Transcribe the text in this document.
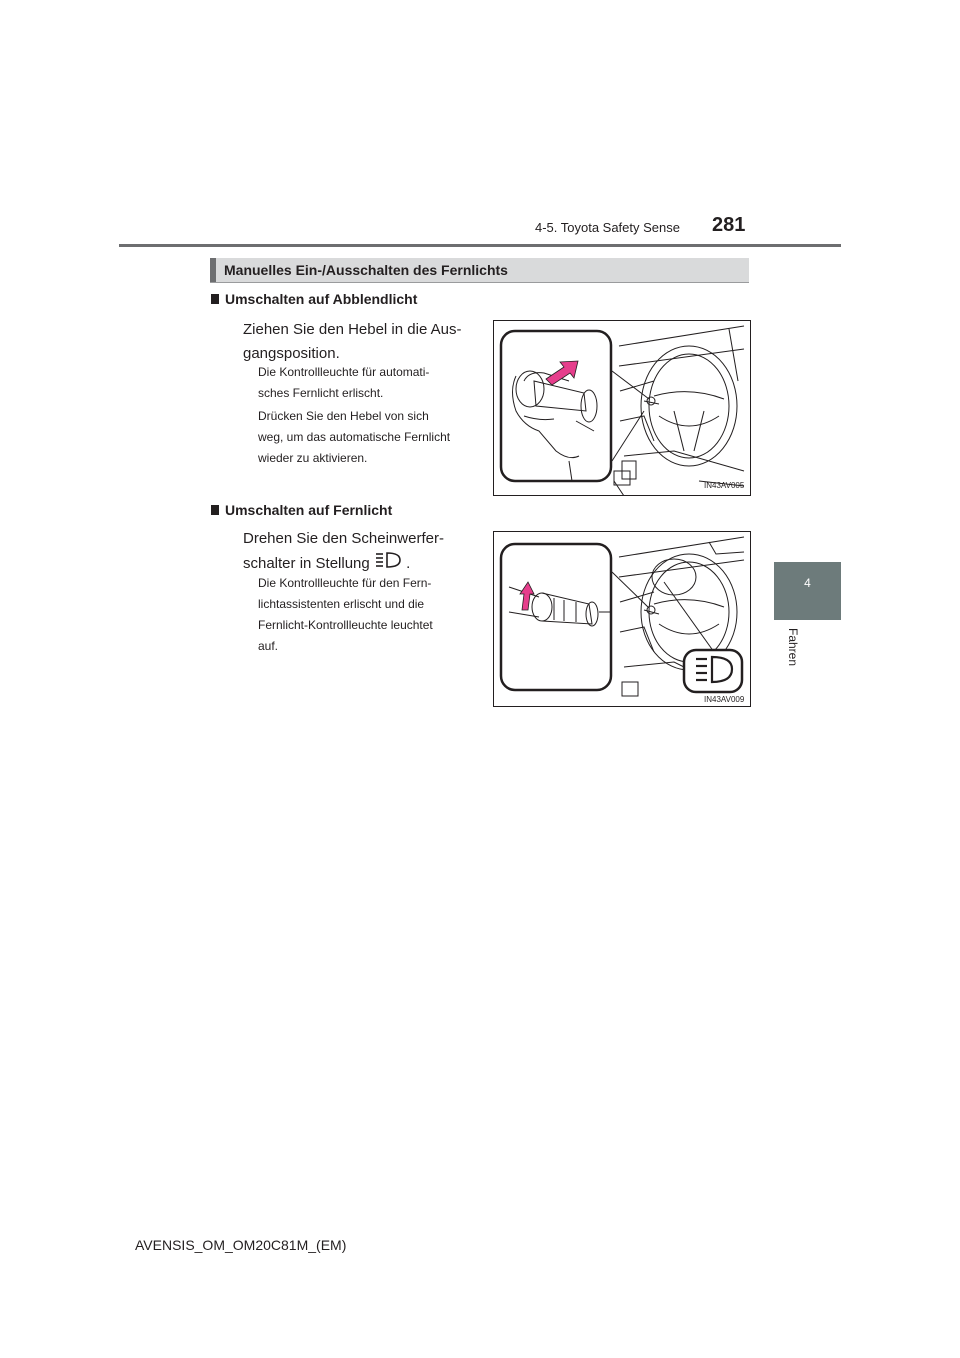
4-5. Toyota Safety Sense 281
4
Fahren
Manuelles Ein-/Ausschalten des Fernlichts
Umschalten auf Abblendlicht
Ziehen Sie den Hebel in die Aus-
gangsposition.
Die Kontrollleuchte für automati-
sches Fernlicht erlischt.
Drücken Sie den Hebel von sich
weg, um das automatische Fernlicht
wieder zu aktivieren.
IN43AV005
Umschalten auf Fernlicht
Drehen Sie den Scheinwerfer-
schalter in Stellung .
Die Kontrollleuchte für den Fern-
lichtassistenten erlischt und die
Fernlicht-Kontrollleuchte leuchtet
auf.
IN43AV009
AVENSIS_OM_OM20C81M_(EM)
